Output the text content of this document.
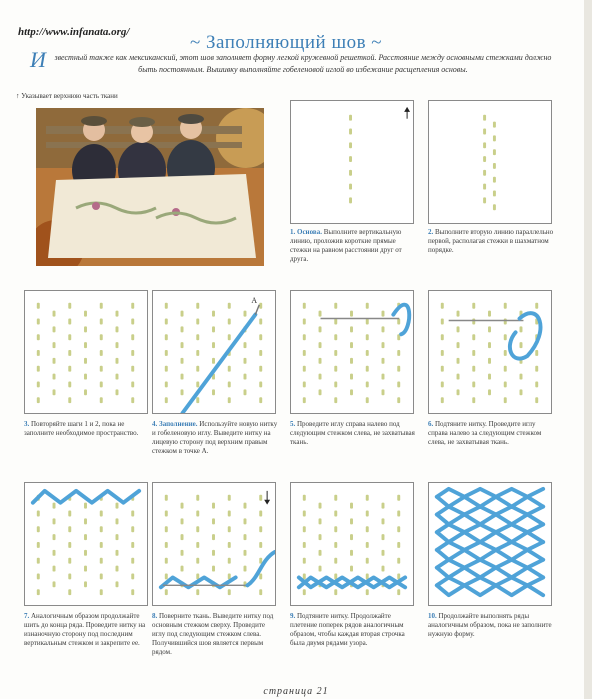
http://www.infanata.org/	~ Заполняющий шов ~
И звестный также как мексиканский, этот шов заполняет форму легкой кружевной решеткой. Расстояние между основными стежками должно быть постоянным. Вышивку выполняйте гобеленовой иглой во избежание расщепления основы.
↑ Указывает верхнюю часть ткани
1. Основа. Выполните вертикальную линию, проложив короткие прямые стежки на равном расстоянии друг от друга.
2. Выполните вторую линию параллельно первой, располагая стежки в шахматном порядке.
A
3. Повторяйте шаги 1 и 2, пока не заполните необходимое пространство.
4. Заполнение. Используйте новую нитку и гобеленовую иглу. Выведите нитку на лицевую сторону под верхним правым стежком в точке А.
5. Проведите иглу справа налево под следующим стежком слева, не захватывая ткань.
6. Подтяните нитку. Проведите иглу справа налево за следующим стежком слева, не захватывая ткань.
7. Аналогичным образом продолжайте шить до конца ряда. Проведите нитку на изнаночную сторону под последним вертикальным стежком и закрепите ее.
8. Поверните ткань. Выведите нитку под основным стежком сверху. Проведите иглу под следующим стежком слева. Получившийся шов является первым рядом.
9. Подтяните нитку. Продолжайте плетение поперек рядов аналогичным образом, чтобы каждая вторая строчка была двумя рядами узора.
10. Продолжайте выполнять ряды аналогичным образом, пока не заполните нужную форму.
страница 21
